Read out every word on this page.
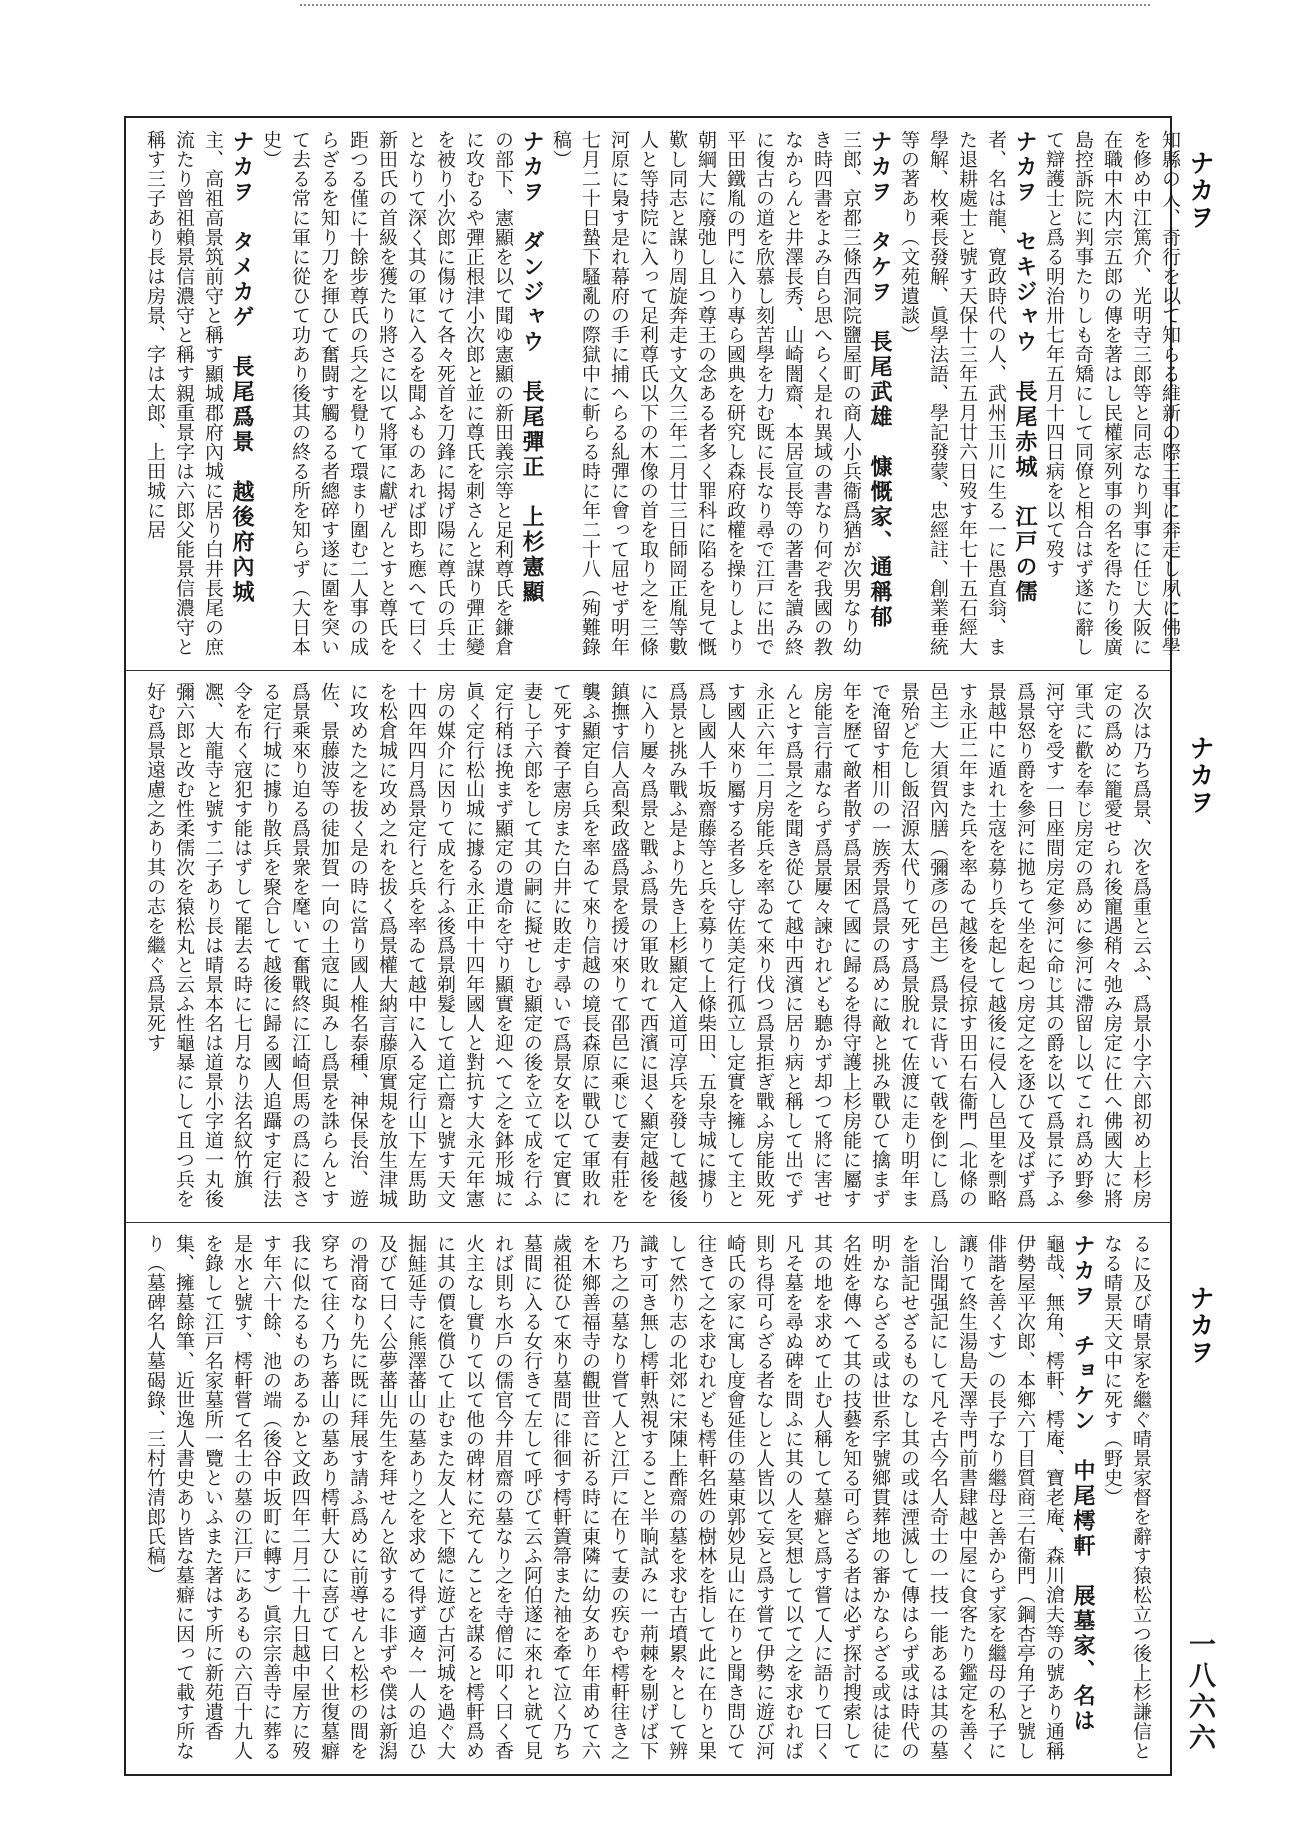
ナカヲ
ナカヲ
ナカヲ
一八六六
知縣の人、奇行を以て知らる維新の際王事に奔走し夙に佛學を修め中江篤介、光明寺三郎等と同志なり判事に任じ大阪に在職中木内宗五郎の傳を著はし民權家列事の名を得たり後廣島控訴院に判事たりしも奇矯にして同僚と相合はず遂に辭して辯護士と爲る明治卅七年五月十四日病を以て歿す
ナカヲ　セキジャウ　長尾赤城　江戸の儒
者、名は龍、寛政時代の人、武州玉川に生る一に愚直翁、また退耕處士と號す天保十三年五月廿六日歿す年七十五石經大學解、枚乘長發解、眞學法語、學記發蒙、忠經註、創業垂統等の著あり（文苑遺談）
ナカヲ　タケヲ　長尾武雄　慷慨家、通稱郁
三郎、京都三條西洞院鹽屋町の商人小兵衞爲猶が次男なり幼き時四書をよみ自ら思へらく是れ異域の書なり何ぞ我國の教なからんと井澤長秀、山崎闇齋、本居宣長等の著書を讀み終に復古の道を欣慕し刻苦學を力む既に長なり尋で江戸に出で平田鐵胤の門に入り專ら國典を研究し森府政權を操りしより朝綱大に廢弛し且つ尊王の念ある者多く罪科に陷るを見て慨歎し同志と謀り周旋奔走す文久三年二月廿三日師岡正胤等數人と等持院に入って足利尊氏以下の木像の首を取り之を三條河原に梟す是れ幕府の手に捕へらる糺彈に會って屈せず明年七月二十日蟄下騷亂の際獄中に斬らる時に年二十八（殉難錄稿）
ナカヲ　ダンジャウ　長尾彈正　上杉憲顯
の部下、憲顯を以て聞ゆ憲顯の新田義宗等と足利尊氏を鎌倉に攻むるや彈正根津小次郎と並に尊氏を刺さんと謀り彈正變を被り小次郎に傷けて各々死首を刀鋒に揭げ陽に尊氏の兵士となりて深く其の軍に入るを聞ふものあれば即ち應へて曰く新田氏の首級を獲たり將さに以て將軍に獻ぜんとすと尊氏を距つる僅に十餘步尊氏の兵之を覺りて環まり圍む二人事の成らざるを知り刀を揮ひて奮闘す觸るる者總碎す遂に圍を突いて去る常に軍に從ひて功あり後其の終る所を知らず（大日本史）
ナカヲ　タメカゲ　長尾爲景　越後府內城
主、高祖高景筑前守と稱す顯城郡府內城に居り白井長尾の庶流たり曾祖賴景信濃守と稱す親重景字は六郎父能景信濃守と稱す三子あり長は房景、字は太郎、上田城に居
る次は乃ち爲景、次を爲重と云ふ、爲景小字六郎初め上杉房定の爲めに籠愛せられ後寵遇稍々弛み房定に仕へ佛國大に將軍弐に歡を奉じ房定の爲めに參河に滯留し以てこれ爲め野參河守を受す一日座間房定參河に命じ其の爵を以て爲景に予ふ爲景怒り爵を參河に拋ちて坐を起つ房定之を逐ひて及ばず爲景越中に遁れ士寇を募り兵を起して越後に侵入し邑里を剽略す永正二年また兵を率ゐて越後を侵掠す田石右衞門（北條の邑主）大須賀內膳（彌彥の邑主）爲景に背いて戟を倒にし爲景殆ど危し飯沼源太代りて死す爲景脫れて佐渡に走り明年まで淹留す相川の一族秀景爲景の爲めに敵と挑み戰ひて擒まず年を歷て敵者散ず爲景困て國に歸るを得守護上杉房能に屬す房能言行肅ならず爲景屢々諫むれども聽かず却つて將に害せんとす爲景之を聞き從ひて越中西濱に居り病と稱して出でず永正六年二月房能兵を率ゐて來り伐つ爲景拒ぎ戰ふ房能敗死す國人來り屬する者多し守佐美定行孤立し定實を擁して主と爲し國人千坂齋藤等と兵を募りて上條柴田、五泉寺城に據り爲景と挑み戰ふ是より先き上杉顯定入道可淳兵を發して越後に入り屢々爲景と戰ふ爲景の軍敗れて西濱に退く顯定越後を鎮撫す信人高梨政盛爲景を援け來りて邵邑に乘じて妻有莊を襲ふ顯定自ら兵を率ゐて來り信越の境長森原に戰ひて軍敗れて死す養子憲房また白井に敗走す尋いで爲景女を以て定實に妻し子六郎をして其の嗣に擬せしむ顯定の後を立て成を行ふ定行稍ほ挽まず顯定の遺命を守り顯實を迎へて之を鉢形城に眞く定行松山城に據る永正中十四年國人と對抗す大永元年憲房の媒介に因りて成を行ふ後爲景剃髮して道亡齋と號す天文十四年四月爲景定行と兵を率ゐて越中に入る定行山下左馬助を松倉城に攻め之れを拔く爲景權大納言藤原實規を放生津城に攻めた之を拔く是の時に當り國人椎名泰種、神保長治、遊佐、景藤波等の徒加賀一向の土寇に與みし爲景を誅らんとす爲景乘來り迫る爲景衆を麾いて奮戰終に江崎但馬の爲に殺さる定行城に據り散兵を聚合して越後に歸る國人追躡す定行法令を布く寇犯す能はずして罷去る時に七月なり法名紋竹旗凞、大龍寺と號す二子あり長は晴景本名は道景小字道一丸後彌六郎と改む性柔儒次を猿松丸と云ふ性龜暴にして且つ兵を好む爲景遠慮之あり其の志を繼ぐ爲景死す
るに及び晴景家を繼ぐ晴景家督を辭す猿松立つ後上杉謙信となる晴景天文中に死す（野史）
ナカヲ　チョケン　中尾樗軒　展墓家、名は
龜哉、無角、樗軒、樗庵、寶老庵、森川滄夫等の號あり通稱伊勢屋平次郎、本鄉六丁目質商三右衞門（鋼杏亭角子と號し俳諧を善くす）の長子なり繼母と善からず家を繼母の私子に讓りて終生湯島天澤寺門前書肆越中屋に食客たり鑑定を善くし治聞强記にして凡そ古今名人奇士の一技一能あるは其の墓を詣記せざるものなし其の或は湮滅して傳はらず或は時代の明かならざる或は世系字號鄉貫葬地の審かならざる或は徒に名姓を傳へて其の技藝を知る可らざる者は必ず探討搜索して其の地を求めて止む人稱して墓癖と爲す嘗て人に語りて曰く凡そ墓を尋ぬ碑を問ふに其の人を冥想して以て之を求むれば則ち得可らざる者なしと人皆以て妄と爲す嘗て伊勢に遊び河崎氏の家に寓し度會延佳の墓東郭妙見山に在りと聞き問ひて往きて之を求むれども樗軒名姓の樹林を指して此に在りと果して然り志の北郊に宋陳上酢齋の墓を求む古墳累々として辨識す可き無し樗軒熟視すること半晌試みに一荊棘を剔げば下乃ち之の墓なり嘗て人と江戸に在りて妻の疾むや樗軒往き之を木鄉善福寺の觀世音に祈る時に東隣に幼女あり年甫めて六歲祖從ひて來り墓間に徘徊す樗軒簀箒また袖を牽て泣く乃ち墓間に入る女行きて左して呼びて云ふ阿伯遂に來れと就て見れば則ち水戶の儒官今井眉齋の墓なり之を寺僧に叩く曰く香火主なし實りて以て他の碑材に充てんことを謀ると樗軒爲めに其の價を償ひて止むまた友人と下總に遊び古河城を過ぐ大掘鮭延寺に熊澤蕃山の墓あり之を求めて得ず適々一人の追ひ及びて曰く公夢蕃山先生を拜せんと欲するに非ずや僕は新潟の滑商なり先に既に拜展す請ふ爲めに前導せんと松杉の間を穿ちて往く乃ち蕃山の墓あり樗軒大ひに喜びて曰く世復墓癖我に似たるものあるかと文政四年二月二十九日越中屋方に歿す年六十餘、池の端（後谷中坂町に轉す）眞宗宗善寺に葬る是水と號す、樗軒嘗て名士の墓の江戸にあるもの六百十九人を錄して江戸名家墓所一覽といふまた著はす所に新苑遺香集、擁墓餘筆、近世逸人書史あり皆な墓癖に因って載す所なり（墓碑名人墓碣錄、三村竹清郎氏稿）
